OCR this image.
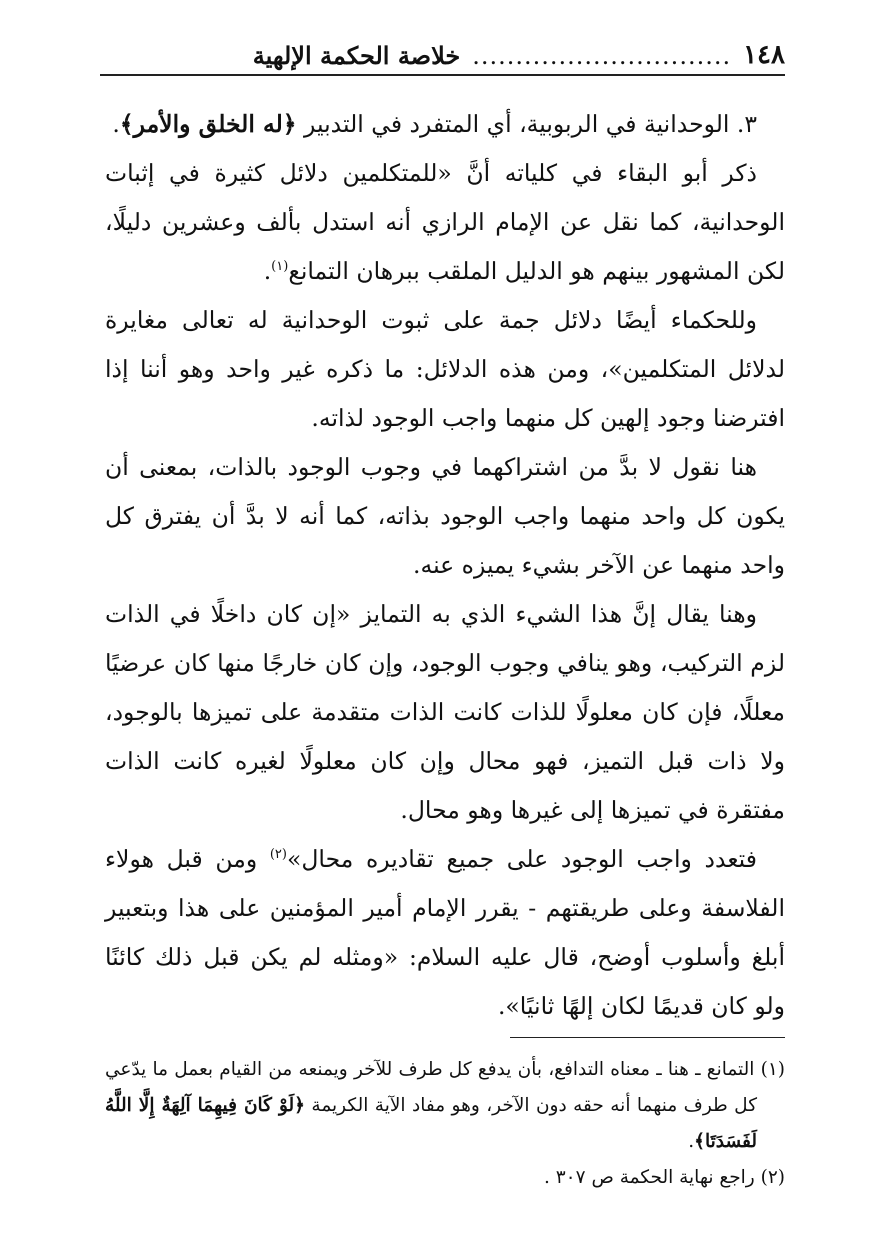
١٤٨
..............................
خلاصة الحكمة الإلهية

٣. الوحدانية في الربوبية، أي المتفرد في التدبير ﴿له الخلق والأمر﴾.

ذكر أبو البقاء في كلياته أنَّ «للمتكلمين دلائل كثيرة في إثبات الوحدانية، كما نقل عن الإمام الرازي أنه استدل بألف وعشرين دليلًا، لكن المشهور بينهم هو الدليل الملقب ببرهان التمانع$^{(١)}$.

وللحكماء أيضًا دلائل جمة على ثبوت الوحدانية له تعالى مغايرة لدلائل المتكلمين»، ومن هذه الدلائل: ما ذكره غير واحد وهو أننا إذا افترضنا وجود إلهين كل منهما واجب الوجود لذاته.

هنا نقول لا بدَّ من اشتراكهما في وجوب الوجود بالذات، بمعنى أن يكون كل واحد منهما واجب الوجود بذاته، كما أنه لا بدَّ أن يفترق كل واحد منهما عن الآخر بشيء يميزه عنه.

وهنا يقال إنَّ هذا الشيء الذي به التمايز «إن كان داخلًا في الذات لزم التركيب، وهو ينافي وجوب الوجود، وإن كان خارجًا منها كان عرضيًا معللًا، فإن كان معلولًا للذات كانت الذات متقدمة على تميزها بالوجود، ولا ذات قبل التميز، فهو محال وإن كان معلولًا لغيره كانت الذات مفتقرة في تميزها إلى غيرها وهو محال.

فتعدد واجب الوجود على جميع تقاديره محال»$^{(٢)}$ ومن قبل هولاء الفلاسفة وعلى طريقتهم - يقرر الإمام أمير المؤمنين على هذا وبتعبير أبلغ وأسلوب أوضح، قال عليه السلام: «ومثله لم يكن قبل ذلك كائنًا ولو كان قديمًا لكان إلهًا ثانيًا».

(١) التمانع ـ هنا ـ معناه التدافع، بأن يدفع كل طرف للآخر ويمنعه من القيام بعمل ما يدّعي كل طرف منهما أنه حقه دون الآخر، وهو مفاد الآية الكريمة ﴿لَوْ كَانَ فِيهِمَا آلِهَةٌ إِلَّا اللَّهُ لَفَسَدَتَا﴾.

(٢) راجع نهاية الحكمة ص ٣٠٧ .
